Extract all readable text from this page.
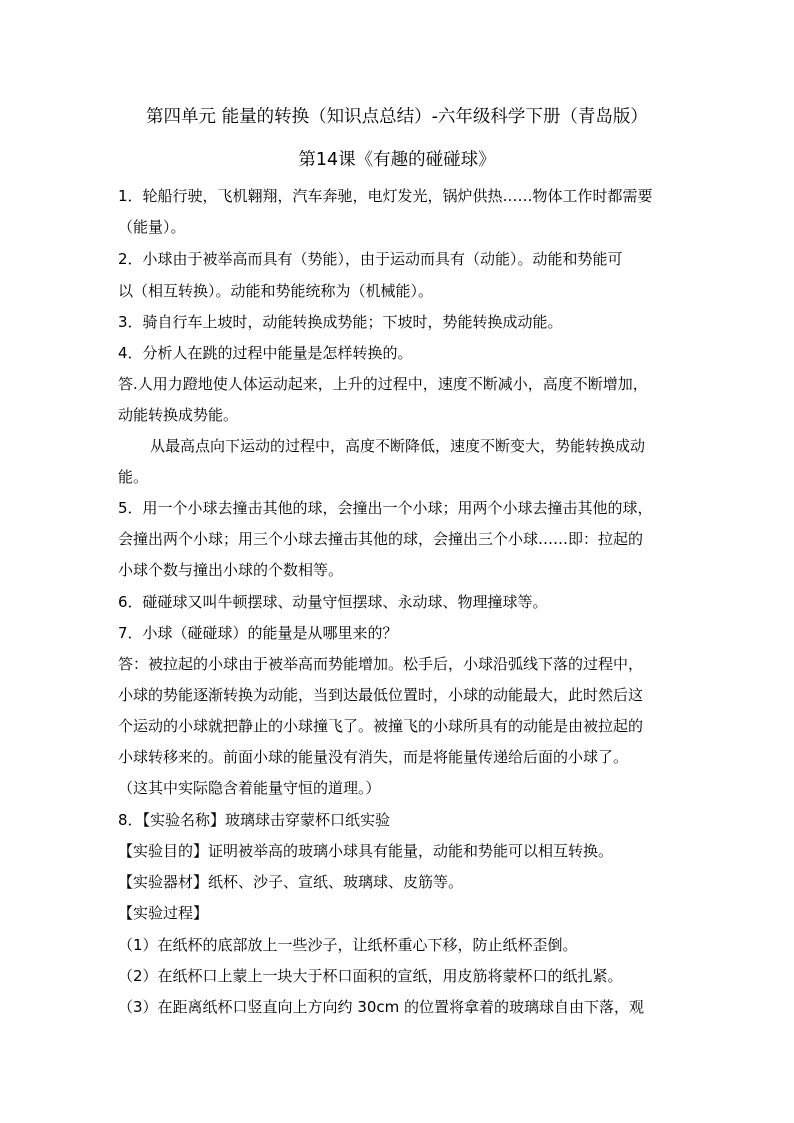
第四单元 能量的转换（知识点总结）-六年级科学下册（青岛版）
第14课《有趣的碰碰球》
1．轮船行驶，飞机翱翔，汽车奔驰，电灯发光，锅炉供热……物体工作时都需要
（能量）。
2．小球由于被举高而具有（势能），由于运动而具有（动能）。动能和势能可
以（相互转换）。动能和势能统称为（机械能）。
3．骑自行车上坡时，动能转换成势能；下坡时，势能转换成动能。
4．分析人在跳的过程中能量是怎样转换的。
答.人用力蹬地使人体运动起来，上升的过程中，速度不断减小，高度不断增加，
动能转换成势能。
从最高点向下运动的过程中，高度不断降低，速度不断变大，势能转换成动
能。
5．用一个小球去撞击其他的球，会撞出一个小球；用两个小球去撞击其他的球，
会撞出两个小球；用三个小球去撞击其他的球，会撞出三个小球……即：拉起的
小球个数与撞出小球的个数相等。
6．碰碰球又叫牛顿摆球、动量守恒摆球、永动球、物理撞球等。
7．小球（碰碰球）的能量是从哪里来的？
答：被拉起的小球由于被举高而势能增加。松手后，小球沿弧线下落的过程中，
小球的势能逐渐转换为动能，当到达最低位置时，小球的动能最大，此时然后这
个运动的小球就把静止的小球撞飞了。被撞飞的小球所具有的动能是由被拉起的
小球转移来的。前面小球的能量没有消失，而是将能量传递给后面的小球了。
（这其中实际隐含着能量守恒的道理。）
8．【实验名称】玻璃球击穿蒙杯口纸实验
【实验目的】证明被举高的玻璃小球具有能量，动能和势能可以相互转换。
【实验器材】纸杯、沙子、宣纸、玻璃球、皮筋等。
【实验过程】
（1）在纸杯的底部放上一些沙子，让纸杯重心下移，防止纸杯歪倒。
（2）在纸杯口上蒙上一块大于杯口面积的宣纸，用皮筋将蒙杯口的纸扎紧。
（3）在距离纸杯口竖直向上方向约 30cm 的位置将拿着的玻璃球自由下落，观
